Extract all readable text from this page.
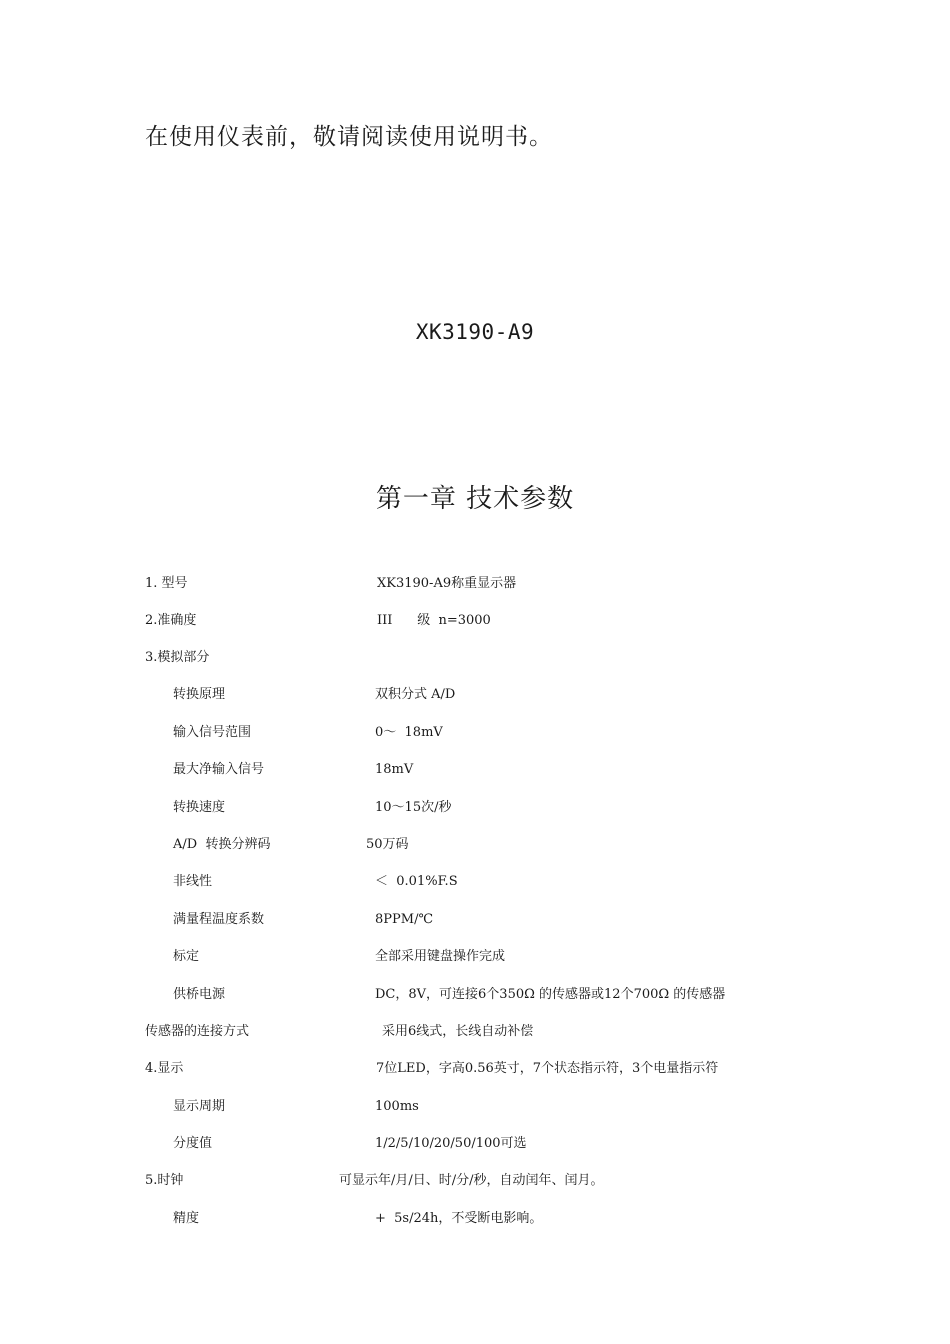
在使用仪表前，敬请阅读使用说明书。
XK3190-A9
第一章 技术参数
1. 型号	XK3190-A9称重显示器
2.准确度	III      级  n=3000
3.模拟部分
转换原理	双积分式 A/D
输入信号范围	0～  18mV
最大净输入信号	18mV
转换速度	10～15次/秒
A/D  转换分辨码	50万码
非线性	＜  0.01%F.S
满量程温度系数	8PPM/℃
标定	全部采用键盘操作完成
供桥电源	DC，8V，可连接6个350Ω 的传感器或12个700Ω 的传感器
传感器的连接方式	采用6线式，长线自动补偿
4.显示	7位LED，字高0.56英寸，7个状态指示符，3个电量指示符
显示周期	100ms
分度值	1/2/5/10/20/50/100可选
5.时钟	可显示年/月/日、时/分/秒，自动闰年、闰月。
精度	+  5s/24h，不受断电影响。
